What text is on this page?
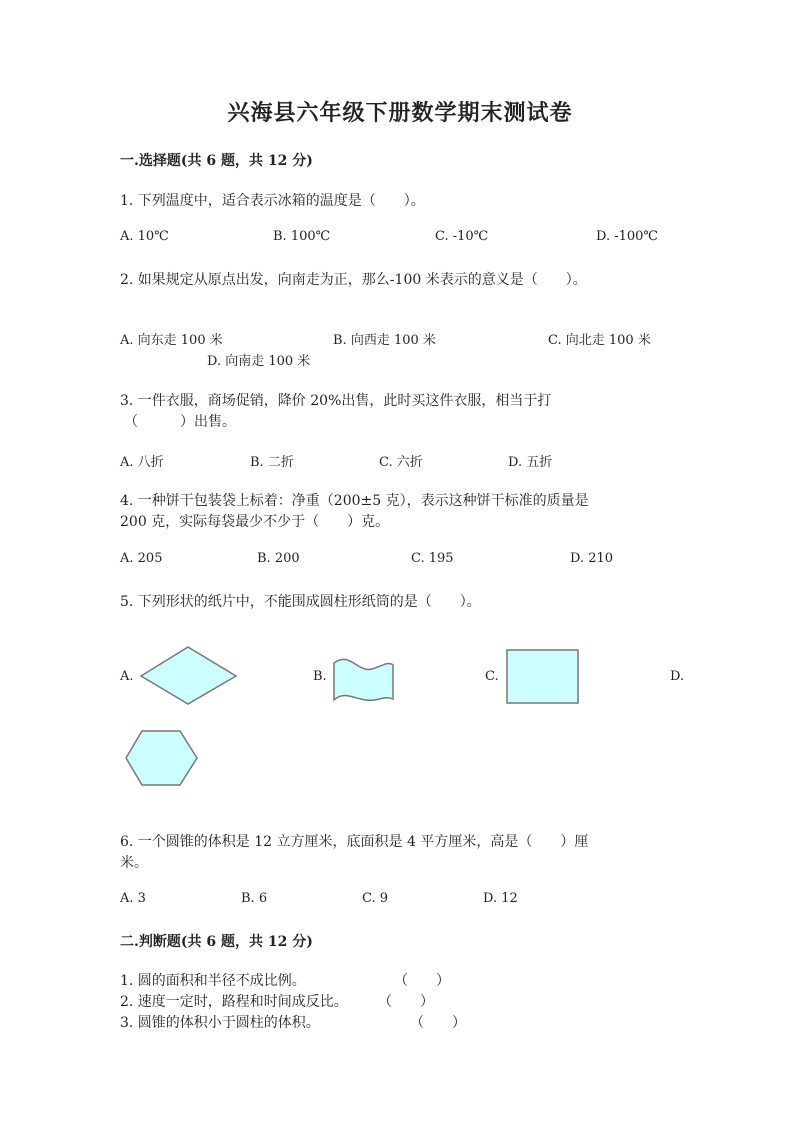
兴海县六年级下册数学期末测试卷
一.选择题(共 6 题，共 12 分)
1. 下列温度中，适合表示冰箱的温度是（　　）。
A. 10℃	B. 100℃	C. -10℃	D. -100℃
2. 如果规定从原点出发，向南走为正，那么-100 米表示的意义是（　　）。
A. 向东走 100 米	B. 向西走 100 米	C. 向北走 100 米
D. 向南走 100 米
3. 一件衣服，商场促销，降价 20%出售，此时买这件衣服，相当于打
（　　　）出售。
A. 八折	B. 二折	C. 六折	D. 五折
4. 一种饼干包装袋上标着：净重（200±5 克），表示这种饼干标准的质量是
200 克，实际每袋最少不少于（　　）克。
A. 205	B. 200	C. 195	D. 210
5. 下列形状的纸片中，不能围成圆柱形纸筒的是（　　）。
A.	B.	C.	D.
6. 一个圆锥的体积是 12 立方厘米，底面积是 4 平方厘米，高是（　　）厘
米。
A. 3	B. 6	C. 9	D. 12
二.判断题(共 6 题，共 12 分)
1. 圆的面积和半径不成比例。	（　　）
2. 速度一定时，路程和时间成反比。 （　　）
3. 圆锥的体积小于圆柱的体积。	（　　）
